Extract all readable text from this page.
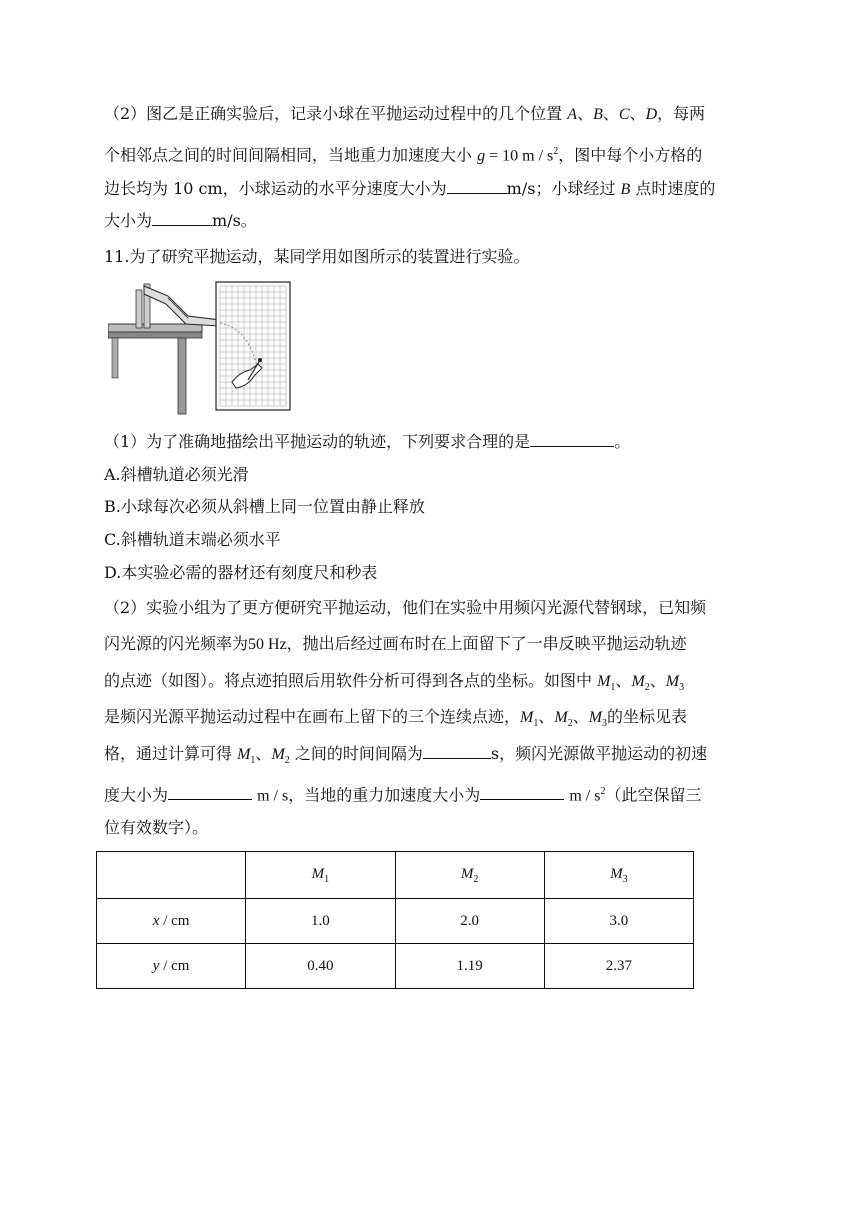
（2）图乙是正确实验后，记录小球在平抛运动过程中的几个位置 A、B、C、D，每两
个相邻点之间的时间间隔相同，当地重力加速度大小 g = 10 m / $s^2$，图中每个小方格的
边长均为 10 cm，小球运动的水平分速度大小为	m/s；小球经过 B 点时速度的
大小为	m/s。
11.为了研究平抛运动，某同学用如图所示的装置进行实验。
（1）为了准确地描绘出平抛运动的轨迹，下列要求合理的是	。
A.斜槽轨道必须光滑
B.小球每次必须从斜槽上同一位置由静止释放
C.斜槽轨道末端必须水平
D.本实验必需的器材还有刻度尺和秒表
（2）实验小组为了更方便研究平抛运动，他们在实验中用频闪光源代替钢球，已知频
闪光源的闪光频率为50 Hz，抛出后经过画布时在上面留下了一串反映平抛运动轨迹
的点迹（如图）。将点迹拍照后用软件分析可得到各点的坐标。如图中 $M_1$、$M_2$、$M_3$
是频闪光源平抛运动过程中在画布上留下的三个连续点迹，$M_1$、$M_2$、$M_3$的坐标见表
格，通过计算可得 $M_1$、$M_2$ 之间的时间间隔为	s，频闪光源做平抛运动的初速
度大小为	m / s，当地的重力加速度大小为	m / $s^2$（此空保留三
位有效数字）。
	$M_1$	$M_2$	$M_3$
x / cm	1.0	2.0	3.0
y / cm	0.40	1.19	2.37
